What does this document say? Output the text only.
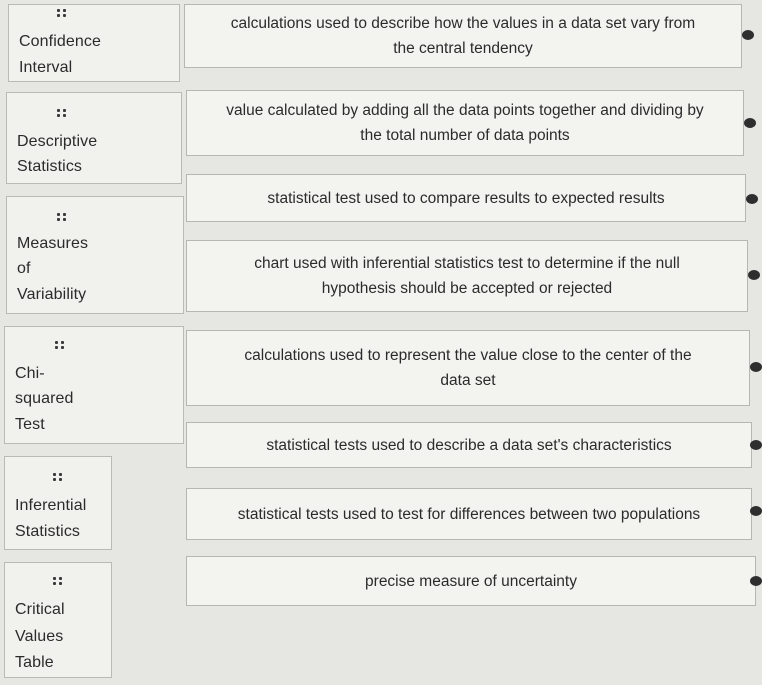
Confidence
Interval
Descriptive
Statistics
Measures
of
Variability
Chi-
squared
Test
Inferential
Statistics
Critical
Values
Table
calculations used to describe how the values in a data set vary from
the central tendency
value calculated by adding all the data points together and dividing by
the total number of data points
statistical test used to compare results to expected results
chart used with inferential statistics test to determine if the null
hypothesis should be accepted or rejected
calculations used to represent the value close to the center of the
data set
statistical tests used to describe a data set's characteristics
statistical tests used to test for differences between two populations
precise measure of uncertainty
